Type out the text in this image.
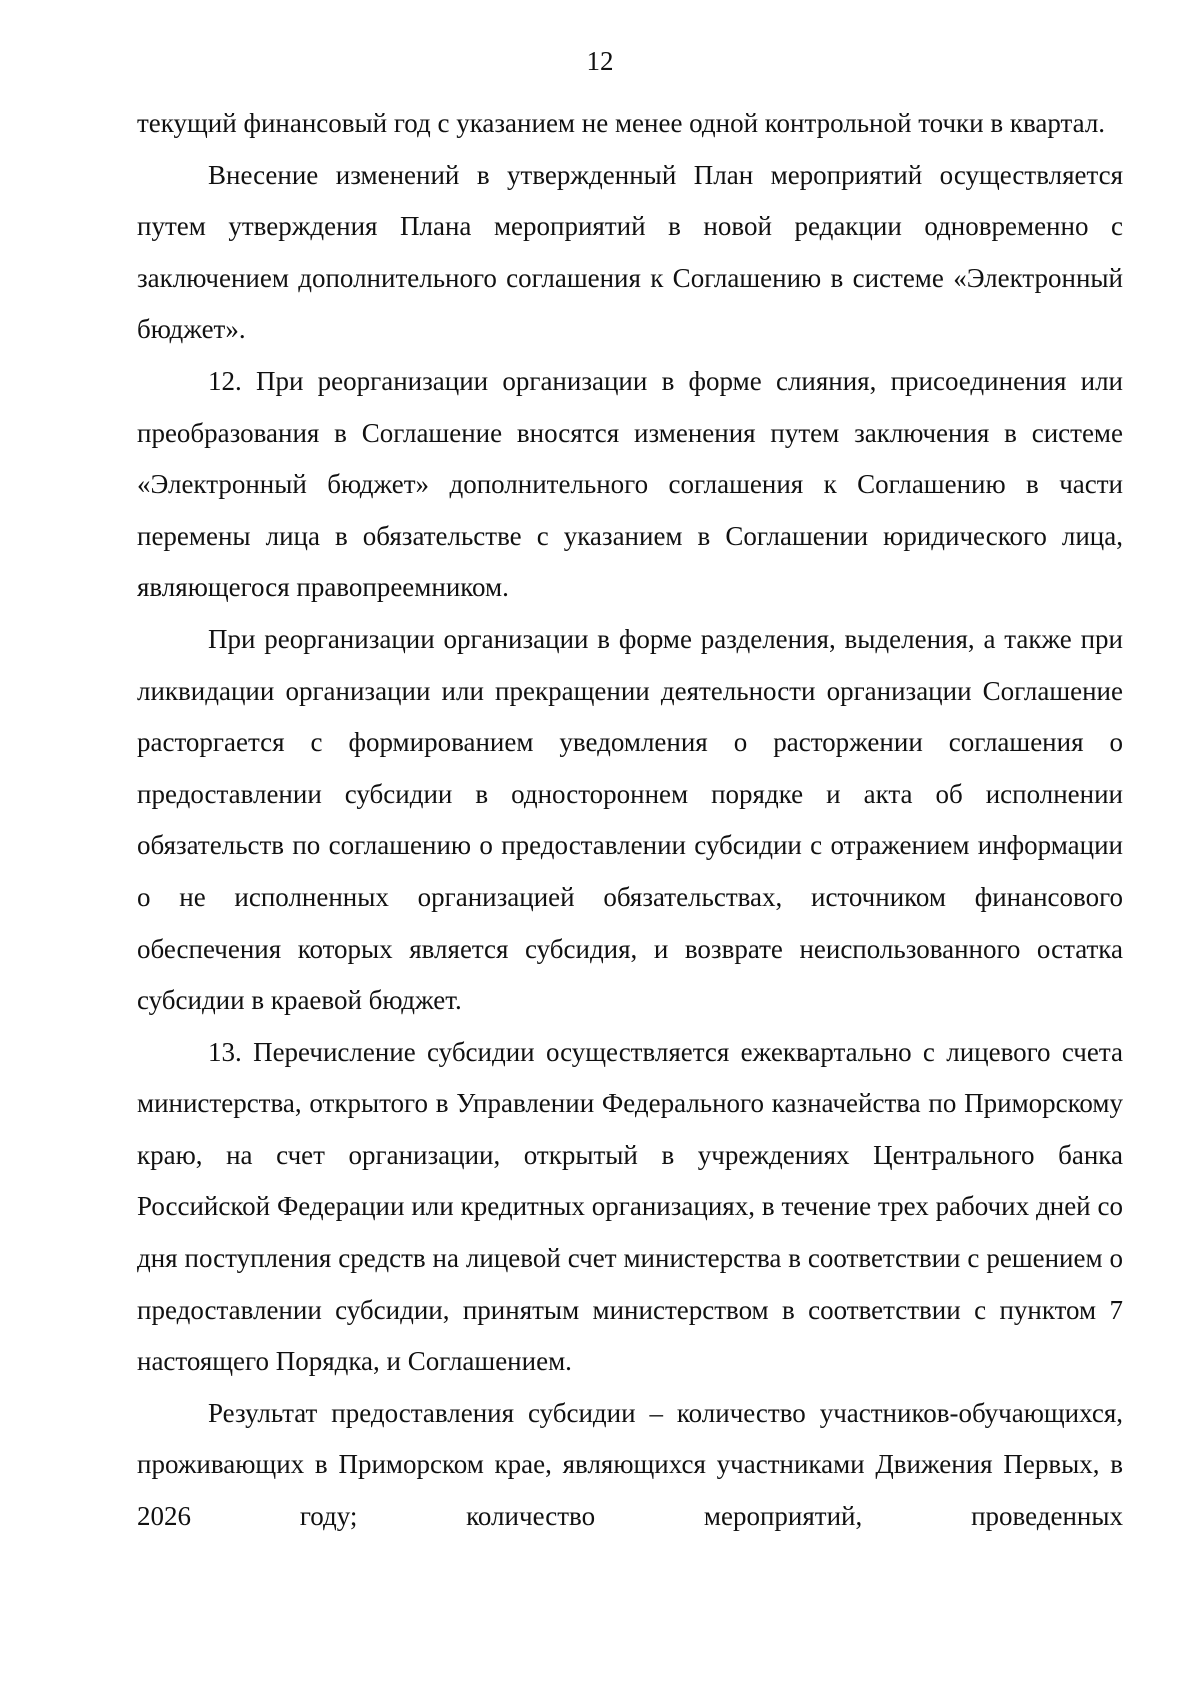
12

текущий финансовый год с указанием не менее одной контрольной точки в квартал.

Внесение изменений в утвержденный План мероприятий осуществляется путем утверждения Плана мероприятий в новой редакции одновременно с заключением дополнительного соглашения к Соглашению в системе «Электронный бюджет».

12. При реорганизации организации в форме слияния, присоединения или преобразования в Соглашение вносятся изменения путем заключения в системе «Электронный бюджет» дополнительного соглашения к Соглашению в части перемены лица в обязательстве с указанием в Соглашении юридического лица, являющегося правопреемником.

При реорганизации организации в форме разделения, выделения, а также при ликвидации организации или прекращении деятельности организации Соглашение расторгается с формированием уведомления о расторжении соглашения о предоставлении субсидии в одностороннем порядке и акта об исполнении обязательств по соглашению о предоставлении субсидии с отражением информации о не исполненных организацией обязательствах, источником финансового обеспечения которых является субсидия, и возврате неиспользованного остатка субсидии в краевой бюджет.

13. Перечисление субсидии осуществляется ежеквартально с лицевого счета министерства, открытого в Управлении Федерального казначейства по Приморскому краю, на счет организации, открытый в учреждениях Центрального банка Российской Федерации или кредитных организациях, в течение трех рабочих дней со дня поступления средств на лицевой счет министерства в соответствии с решением о предоставлении субсидии, принятым министерством в соответствии с пунктом 7 настоящего Порядка, и Соглашением.

Результат предоставления субсидии – количество участников-обучающихся, проживающих в Приморском крае, являющихся участниками Движения Первых, в 2026 году; количество мероприятий, проведенных
